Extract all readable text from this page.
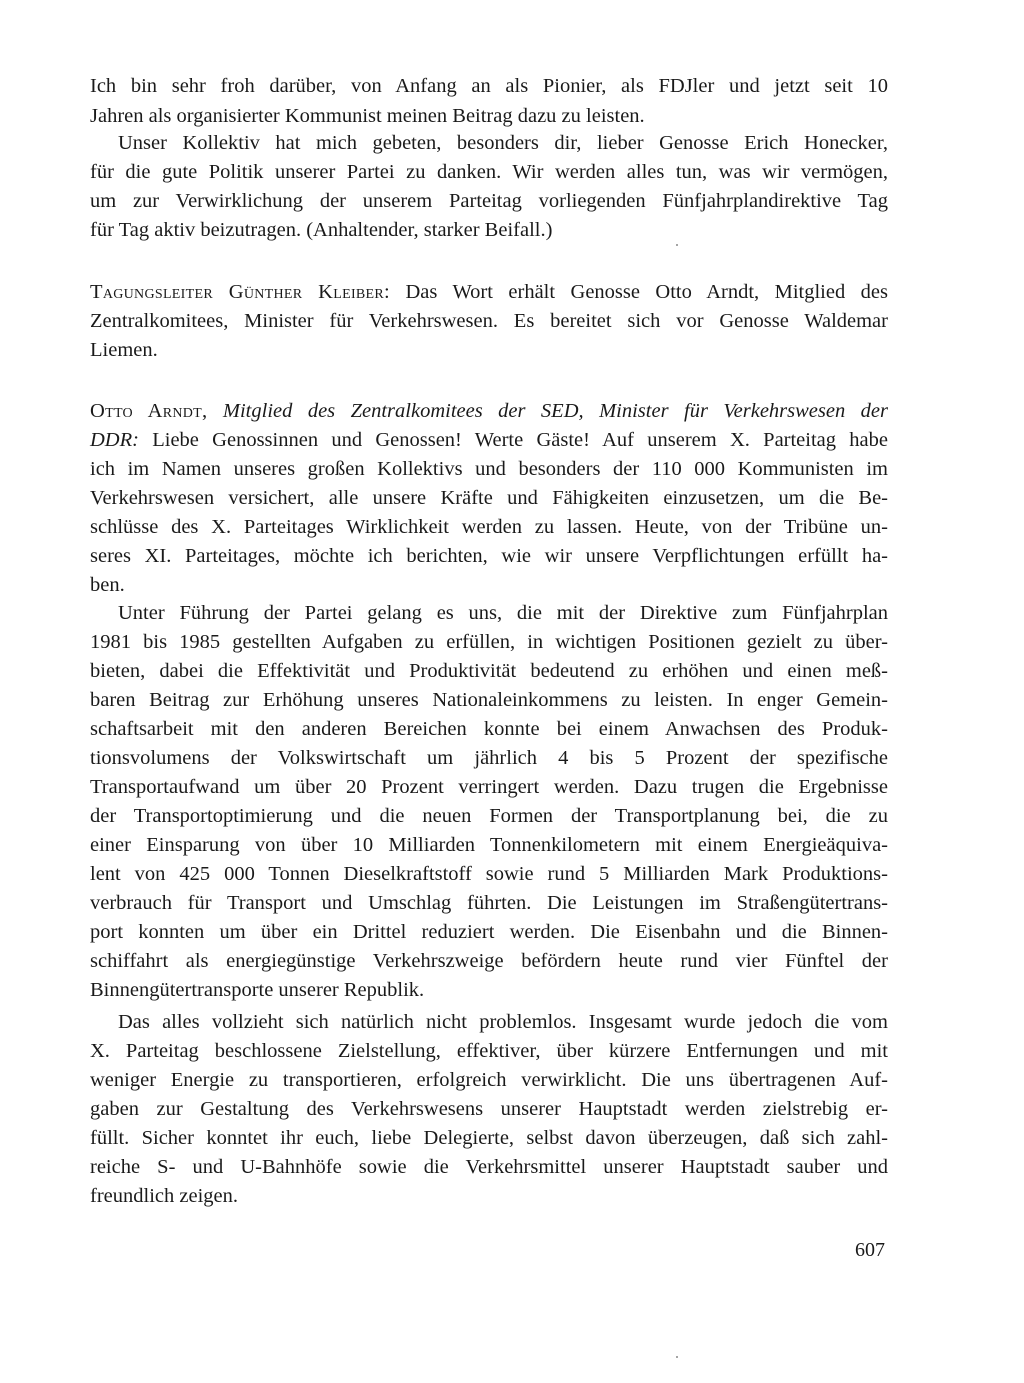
Ich bin sehr froh darüber, von Anfang an als Pionier, als FDJler und jetzt seit 10
Jahren als organisierter Kommunist meinen Beitrag dazu zu leisten.
Unser Kollektiv hat mich gebeten, besonders dir, lieber Genosse Erich Honecker,
für die gute Politik unserer Partei zu danken. Wir werden alles tun, was wir vermögen,
um zur Verwirklichung der unserem Parteitag vorliegenden Fünfjahrplandirektive Tag
für Tag aktiv beizutragen. (Anhaltender, starker Beifall.)
Tagungsleiter Günther Kleiber: Das Wort erhält Genosse Otto Arndt, Mitglied des
Zentralkomitees, Minister für Verkehrswesen. Es bereitet sich vor Genosse Waldemar
Liemen.
Otto Arndt, Mitglied des Zentralkomitees der SED, Minister für Verkehrswesen der
DDR: Liebe Genossinnen und Genossen! Werte Gäste! Auf unserem X. Parteitag habe
ich im Namen unseres großen Kollektivs und besonders der 110 000 Kommunisten im
Verkehrswesen versichert, alle unsere Kräfte und Fähigkeiten einzusetzen, um die Be-
schlüsse des X. Parteitages Wirklichkeit werden zu lassen. Heute, von der Tribüne un-
seres XI. Parteitages, möchte ich berichten, wie wir unsere Verpflichtungen erfüllt ha-
ben.
Unter Führung der Partei gelang es uns, die mit der Direktive zum Fünfjahrplan
1981 bis 1985 gestellten Aufgaben zu erfüllen, in wichtigen Positionen gezielt zu über-
bieten, dabei die Effektivität und Produktivität bedeutend zu erhöhen und einen meß-
baren Beitrag zur Erhöhung unseres Nationaleinkommens zu leisten. In enger Gemein-
schaftsarbeit mit den anderen Bereichen konnte bei einem Anwachsen des Produk-
tionsvolumens der Volkswirtschaft um jährlich 4 bis 5 Prozent der spezifische
Transportaufwand um über 20 Prozent verringert werden. Dazu trugen die Ergebnisse
der Transportoptimierung und die neuen Formen der Transportplanung bei, die zu
einer Einsparung von über 10 Milliarden Tonnenkilometern mit einem Energieäquiva-
lent von 425 000 Tonnen Dieselkraftstoff sowie rund 5 Milliarden Mark Produktions-
verbrauch für Transport und Umschlag führten. Die Leistungen im Straßengütertrans-
port konnten um über ein Drittel reduziert werden. Die Eisenbahn und die Binnen-
schiffahrt als energiegünstige Verkehrszweige befördern heute rund vier Fünftel der
Binnengütertransporte unserer Republik.
Das alles vollzieht sich natürlich nicht problemlos. Insgesamt wurde jedoch die vom
X. Parteitag beschlossene Zielstellung, effektiver, über kürzere Entfernungen und mit
weniger Energie zu transportieren, erfolgreich verwirklicht. Die uns übertragenen Auf-
gaben zur Gestaltung des Verkehrswesens unserer Hauptstadt werden zielstrebig er-
füllt. Sicher konntet ihr euch, liebe Delegierte, selbst davon überzeugen, daß sich zahl-
reiche S- und U-Bahnhöfe sowie die Verkehrsmittel unserer Hauptstadt sauber und
freundlich zeigen.
607
